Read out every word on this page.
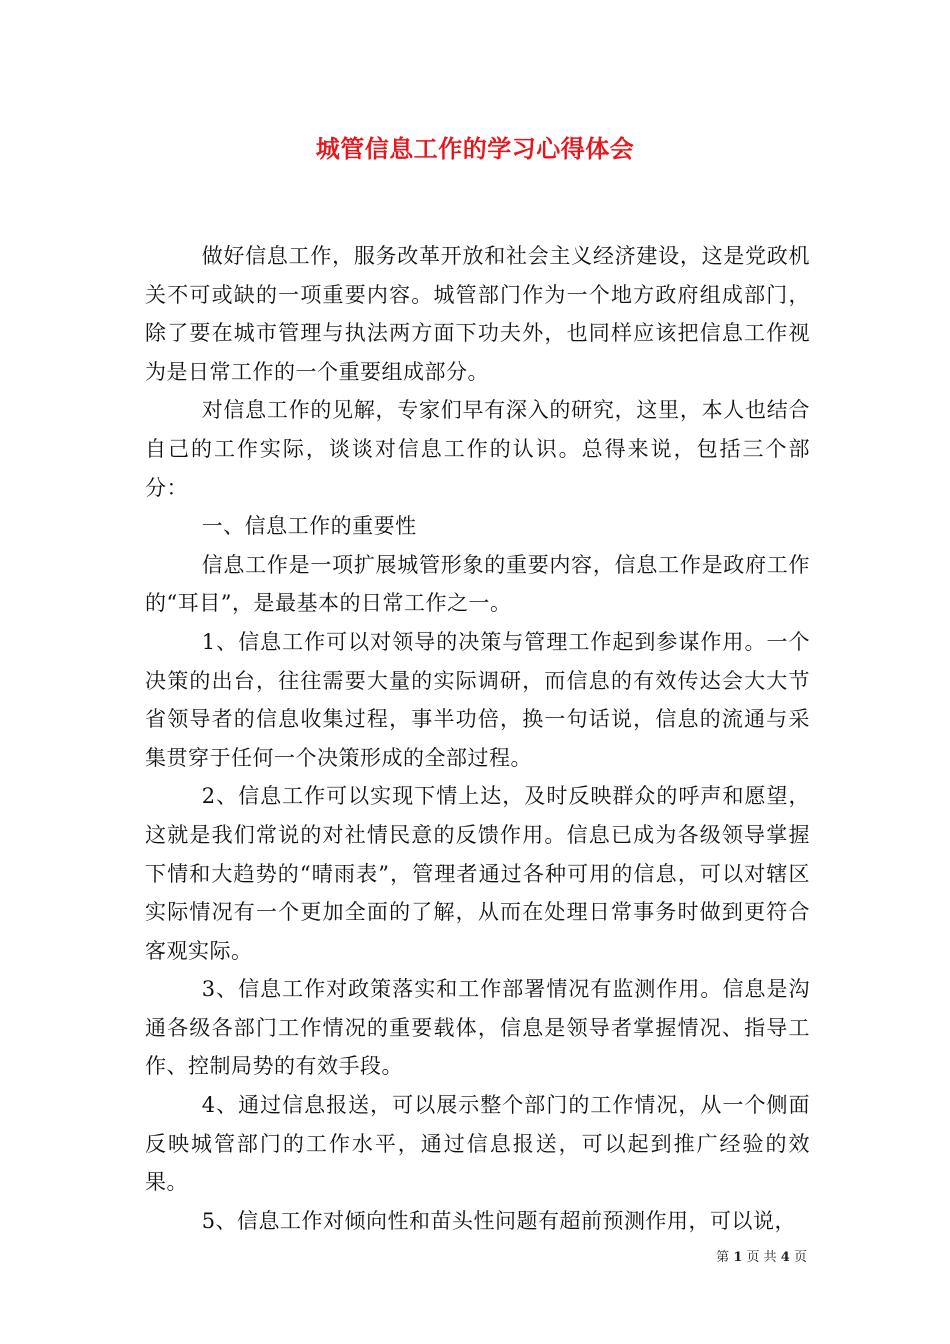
城管信息工作的学习心得体会

做好信息工作，服务改革开放和社会主义经济建设，这是党政机关不可或缺的一项重要内容。城管部门作为一个地方政府组成部门，除了要在城市管理与执法两方面下功夫外，也同样应该把信息工作视为是日常工作的一个重要组成部分。

对信息工作的见解，专家们早有深入的研究，这里，本人也结合自己的工作实际，谈谈对信息工作的认识。总得来说，包括三个部分：

一、信息工作的重要性

信息工作是一项扩展城管形象的重要内容，信息工作是政府工作的“耳目”，是最基本的日常工作之一。

1、信息工作可以对领导的决策与管理工作起到参谋作用。一个决策的出台，往往需要大量的实际调研，而信息的有效传达会大大节省领导者的信息收集过程，事半功倍，换一句话说，信息的流通与采集贯穿于任何一个决策形成的全部过程。

2、信息工作可以实现下情上达，及时反映群众的呼声和愿望，这就是我们常说的对社情民意的反馈作用。信息已成为各级领导掌握下情和大趋势的“晴雨表”，管理者通过各种可用的信息，可以对辖区实际情况有一个更加全面的了解，从而在处理日常事务时做到更符合客观实际。

3、信息工作对政策落实和工作部署情况有监测作用。信息是沟通各级各部门工作情况的重要载体，信息是领导者掌握情况、指导工作、控制局势的有效手段。

4、通过信息报送，可以展示整个部门的工作情况，从一个侧面反映城管部门的工作水平，通过信息报送，可以起到推广经验的效果。

5、信息工作对倾向性和苗头性问题有超前预测作用，可以说，

第 1 页 共 4 页
